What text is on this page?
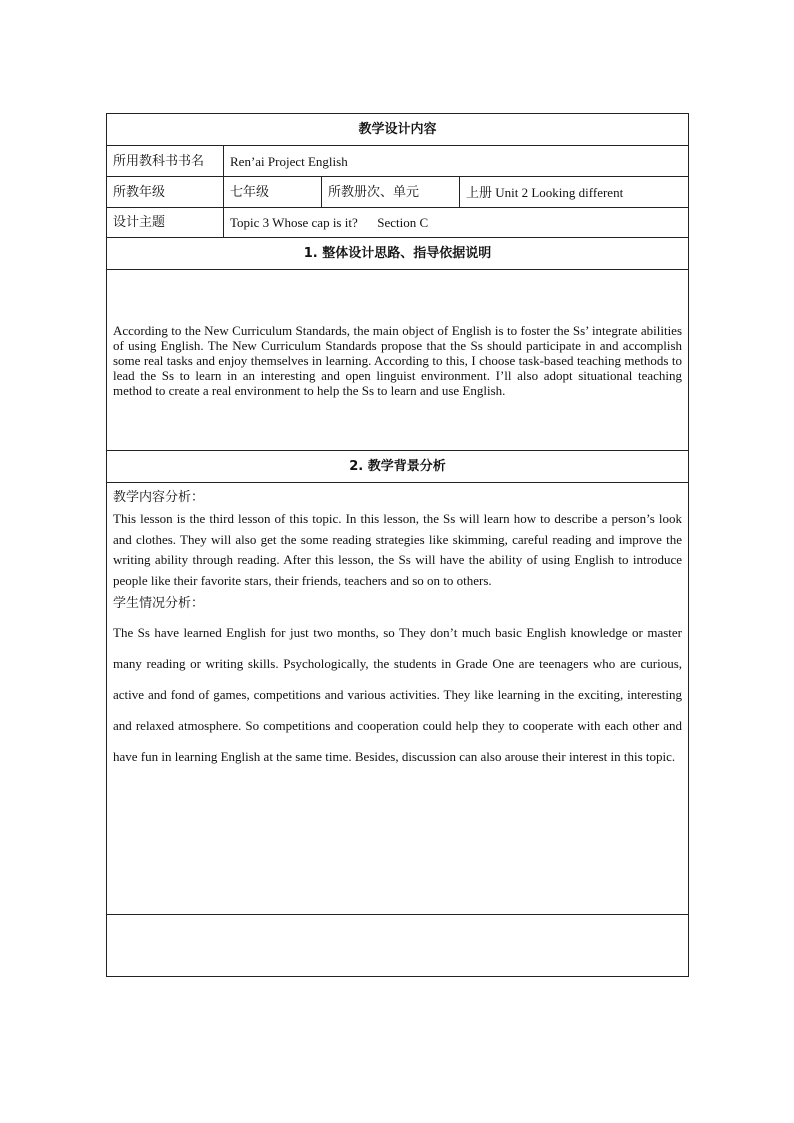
教学设计内容			
所用教科书书名	Ren’ai Project English		
所教年级	七年级	所教册次、单元	上册 Unit 2 Looking different
设计主题	Topic 3 Whose cap is it?      Section C		
1. 整体设计思路、指导依据说明			
According to the New Curriculum Standards, the main object of English is to foster the Ss’ integrate abilities of using English. The New Curriculum Standards propose that the Ss should participate in and accomplish some real tasks and enjoy themselves in learning. According to this, I choose task-based teaching methods to lead the Ss to learn in an interesting and open linguist environment. I’ll also adopt situational teaching method to create a real environment to help the Ss to learn and use English.			
2. 教学背景分析			

教学内容分析：
This lesson is the third lesson of this topic. In this lesson, the Ss will learn how to describe a person’s look and clothes. They will also get the some reading strategies like skimming, careful reading and improve the writing ability through reading. After this lesson, the Ss will have the ability of using English to introduce people like their favorite stars, their friends, teachers and so on to others.
学生情况分析：
The Ss have learned English for just two months, so They don’t much basic English knowledge or master many reading or writing skills. Psychologically, the students in Grade One are teenagers who are curious, active and fond of games, competitions and various activities. They like learning in the exciting, interesting and relaxed atmosphere. So competitions and cooperation could help they to cooperate with each other and have fun in learning English at the same time. Besides, discussion can also arouse their interest in this topic.			
